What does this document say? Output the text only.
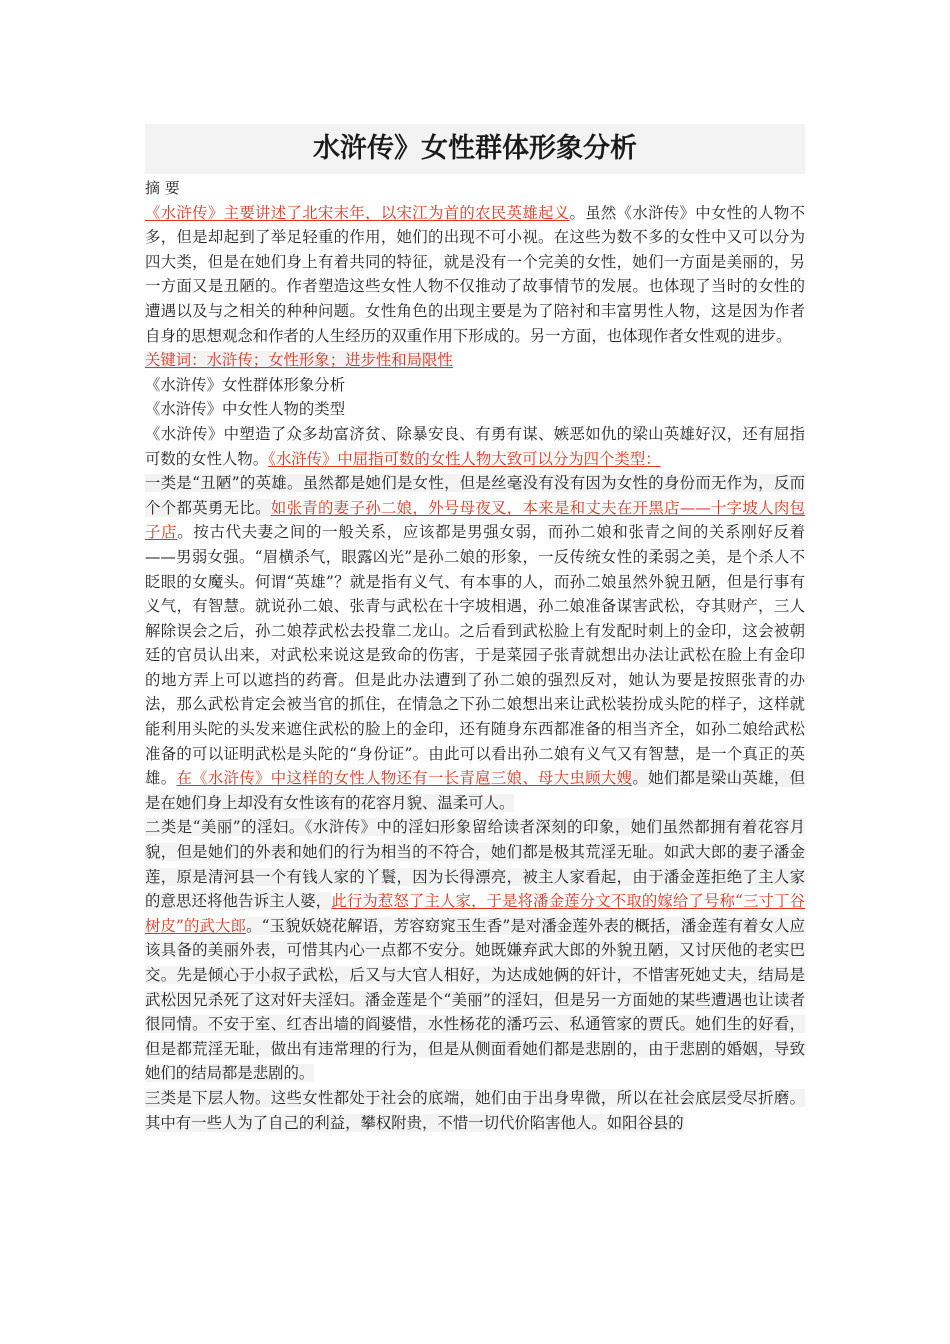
水浒传》女性群体形象分析

摘 要

《水浒传》主要讲述了北宋末年，以宋江为首的农民英雄起义。虽然《水浒传》中女性的人物不多，但是却起到了举足轻重的作用，她们的出现不可小视。在这些为数不多的女性中又可以分为四大类，但是在她们身上有着共同的特征，就是没有一个完美的女性，她们一方面是美丽的，另一方面又是丑陋的。作者塑造这些女性人物不仅推动了故事情节的发展。也体现了当时的女性的遭遇以及与之相关的种种问题。女性角色的出现主要是为了陪衬和丰富男性人物，这是因为作者自身的思想观念和作者的人生经历的双重作用下形成的。另一方面，也体现作者女性观的进步。

关键词：水浒传；女性形象；进步性和局限性

《水浒传》女性群体形象分析

《水浒传》中女性人物的类型

《水浒传》中塑造了众多劫富济贫、除暴安良、有勇有谋、嫉恶如仇的梁山英雄好汉，还有屈指可数的女性人物。《水浒传》中屈指可数的女性人物大致可以分为四个类型：

一类是“丑陋”的英雄。虽然都是她们是女性，但是丝毫没有没有因为女性的身份而无作为，反而个个都英勇无比。如张青的妻子孙二娘，外号母夜叉，本来是和丈夫在开黑店——十字坡人肉包子店。按古代夫妻之间的一般关系，应该都是男强女弱，而孙二娘和张青之间的关系刚好反着——男弱女强。“眉横杀气，眼露凶光”是孙二娘的形象，一反传统女性的柔弱之美，是个杀人不眨眼的女魔头。何谓“英雄”？就是指有义气、有本事的人，而孙二娘虽然外貌丑陋，但是行事有义气，有智慧。就说孙二娘、张青与武松在十字坡相遇，孙二娘准备谋害武松，夺其财产，三人解除误会之后，孙二娘荐武松去投靠二龙山。之后看到武松脸上有发配时刺上的金印，这会被朝廷的官员认出来，对武松来说这是致命的伤害，于是菜园子张青就想出办法让武松在脸上有金印的地方弄上可以遮挡的药膏。但是此办法遭到了孙二娘的强烈反对，她认为要是按照张青的办法，那么武松肯定会被当官的抓住，在情急之下孙二娘想出来让武松装扮成头陀的样子，这样就能利用头陀的头发来遮住武松的脸上的金印，还有随身东西都准备的相当齐全，如孙二娘给武松准备的可以证明武松是头陀的“身份证”。由此可以看出孙二娘有义气又有智慧，是一个真正的英雄。在《水浒传》中这样的女性人物还有一长青扈三娘、母大虫顾大嫂。她们都是梁山英雄，但是在她们身上却没有女性该有的花容月貌、温柔可人。

二类是“美丽”的淫妇。《水浒传》中的淫妇形象留给读者深刻的印象，她们虽然都拥有着花容月貌，但是她们的外表和她们的行为相当的不符合，她们都是极其荒淫无耻。如武大郎的妻子潘金莲，原是清河县一个有钱人家的丫鬟，因为长得漂亮，被主人家看起，由于潘金莲拒绝了主人家的意思还将他告诉主人婆，此行为惹怒了主人家，于是将潘金莲分文不取的嫁给了号称“三寸丁谷树皮”的武大郎。“玉貌妖娆花解语，芳容窈窕玉生香”是对潘金莲外表的概括，潘金莲有着女人应该具备的美丽外表，可惜其内心一点都不安分。她既嫌弃武大郎的外貌丑陋，又讨厌他的老实巴交。先是倾心于小叔子武松，后又与大官人相好，为达成她俩的奸计，不惜害死她丈夫，结局是武松因兄杀死了这对奸夫淫妇。潘金莲是个“美丽”的淫妇，但是另一方面她的某些遭遇也让读者很同情。不安于室、红杏出墙的阎婆惜，水性杨花的潘巧云、私通管家的贾氏。她们生的好看，但是都荒淫无耻，做出有违常理的行为，但是从侧面看她们都是悲剧的，由于悲剧的婚姻，导致她们的结局都是悲剧的。

三类是下层人物。这些女性都处于社会的底端，她们由于出身卑微，所以在社会底层受尽折磨。其中有一些人为了自己的利益，攀权附贵，不惜一切代价陷害他人。如阳谷县的
